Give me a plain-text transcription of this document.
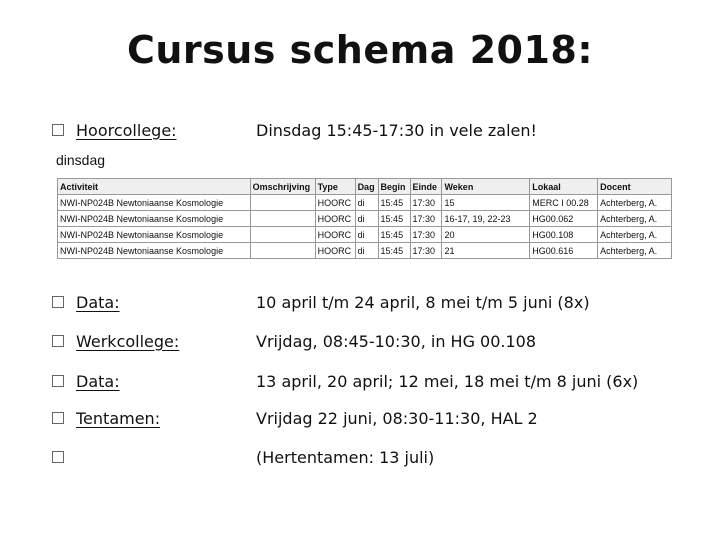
Cursus schema 2018:
Hoorcollege:	Dinsdag 15:45-17:30 in vele zalen!
dinsdag
Activiteit	Omschrijving	Type	Dag	Begin	Einde	Weken	Lokaal	Docent
NWI-NP024B Newtoniaanse Kosmologie		HOORC	di	15:45	17:30	15	MERC I 00.28	Achterberg, A.
NWI-NP024B Newtoniaanse Kosmologie		HOORC	di	15:45	17:30	16-17, 19, 22-23	HG00.062	Achterberg, A.
NWI-NP024B Newtoniaanse Kosmologie		HOORC	di	15:45	17:30	20	HG00.108	Achterberg, A.
NWI-NP024B Newtoniaanse Kosmologie		HOORC	di	15:45	17:30	21	HG00.616	Achterberg, A.
Data:	10 april t/m 24 april, 8 mei t/m 5 juni (8x)
Werkcollege:	Vrijdag, 08:45-10:30, in HG 00.108
Data:	13 april, 20 april; 12 mei, 18 mei t/m 8 juni (6x)
Tentamen:	Vrijdag 22 juni, 08:30-11:30, HAL 2
(Hertentamen: 13 juli)
